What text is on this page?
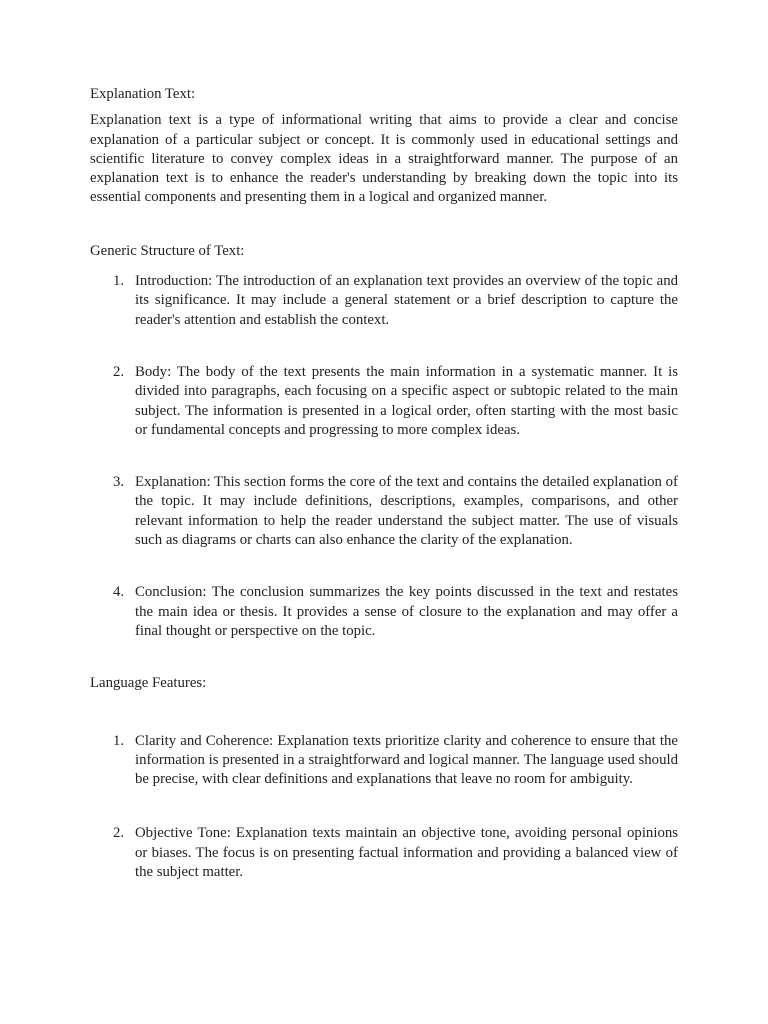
Explanation Text:

Explanation text is a type of informational writing that aims to provide a clear and concise explanation of a particular subject or concept. It is commonly used in educational settings and scientific literature to convey complex ideas in a straightforward manner. The purpose of an explanation text is to enhance the reader's understanding by breaking down the topic into its essential components and presenting them in a logical and organized manner.

Generic Structure of Text:

1. Introduction: The introduction of an explanation text provides an overview of the topic and its significance. It may include a general statement or a brief description to capture the reader's attention and establish the context.
2. Body: The body of the text presents the main information in a systematic manner. It is divided into paragraphs, each focusing on a specific aspect or subtopic related to the main subject. The information is presented in a logical order, often starting with the most basic or fundamental concepts and progressing to more complex ideas.
3. Explanation: This section forms the core of the text and contains the detailed explanation of the topic. It may include definitions, descriptions, examples, comparisons, and other relevant information to help the reader understand the subject matter. The use of visuals such as diagrams or charts can also enhance the clarity of the explanation.
4. Conclusion: The conclusion summarizes the key points discussed in the text and restates the main idea or thesis. It provides a sense of closure to the explanation and may offer a final thought or perspective on the topic.

Language Features:

1. Clarity and Coherence: Explanation texts prioritize clarity and coherence to ensure that the information is presented in a straightforward and logical manner. The language used should be precise, with clear definitions and explanations that leave no room for ambiguity.
2. Objective Tone: Explanation texts maintain an objective tone, avoiding personal opinions or biases. The focus is on presenting factual information and providing a balanced view of the subject matter.
